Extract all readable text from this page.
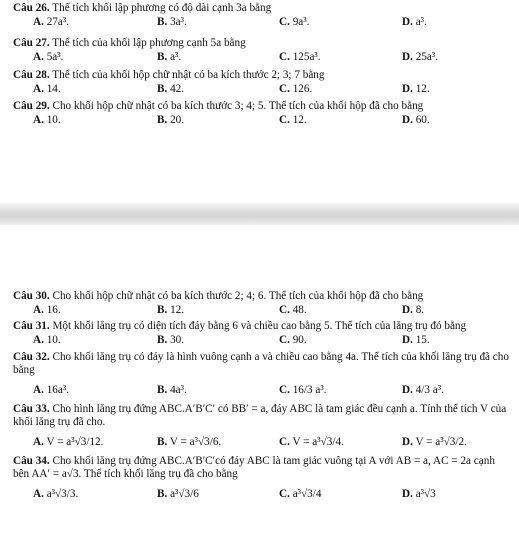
Câu 26. Thể tích khối lập phương có độ dài cạnh 3a bằng
A. 27a³.	B. 3a³.	C. 9a³.	D. a³.
Câu 27. Thể tích của khối lập phương cạnh 5a bằng
A. 5a³.	B. a³.	C. 125a³.	D. 25a³.
Câu 28. Thể tích của khối hộp chữ nhật có ba kích thước 2; 3; 7 bằng
A. 14.	B. 42.	C. 126.	D. 12.
Câu 29. Cho khối hộp chữ nhật có ba kích thước 3; 4; 5. Thể tích của khối hộp đã cho bằng
A. 10.	B. 20.	C. 12.	D. 60.
Câu 30. Cho khối hộp chữ nhật có ba kích thước 2; 4; 6. Thể tích của khối hộp đã cho bằng
A. 16.	B. 12.	C. 48.	D. 8.
Câu 31. Một khối lăng trụ có diện tích đáy bằng 6 và chiều cao bằng 5. Thể tích của lăng trụ đó bằng
A. 10.	B. 30.	C. 90.	D. 15.
Câu 32. Cho khối lăng trụ có đáy là hình vuông cạnh a và chiều cao bằng 4a. Thể tích của khối lăng trụ đã cho bằng
A. 16a³.	B. 4a³.	C. 16/3 a³.	D. 4/3 a³.
Câu 33. Cho hình lăng trụ đứng ABC.A′B′C′ có BB′ = a, đáy ABC là tam giác đều cạnh a. Tính thể tích V của khối lăng trụ đã cho.
A. V = a³√3/12.	B. V = a³√3/6.	C. V = a³√3/4.	D. V = a³√3/2.
Câu 34. Cho khối lăng trụ đứng ABC.A′B′C′có đáy ABC là tam giác vuông tại A với AB = a, AC = 2a cạnh bên AA′ = a√3. Thể tích khối lăng trụ đã cho bằng
A. a³√3/3.	B. a³√3/6	C. a³√3/4	D. a³√3
